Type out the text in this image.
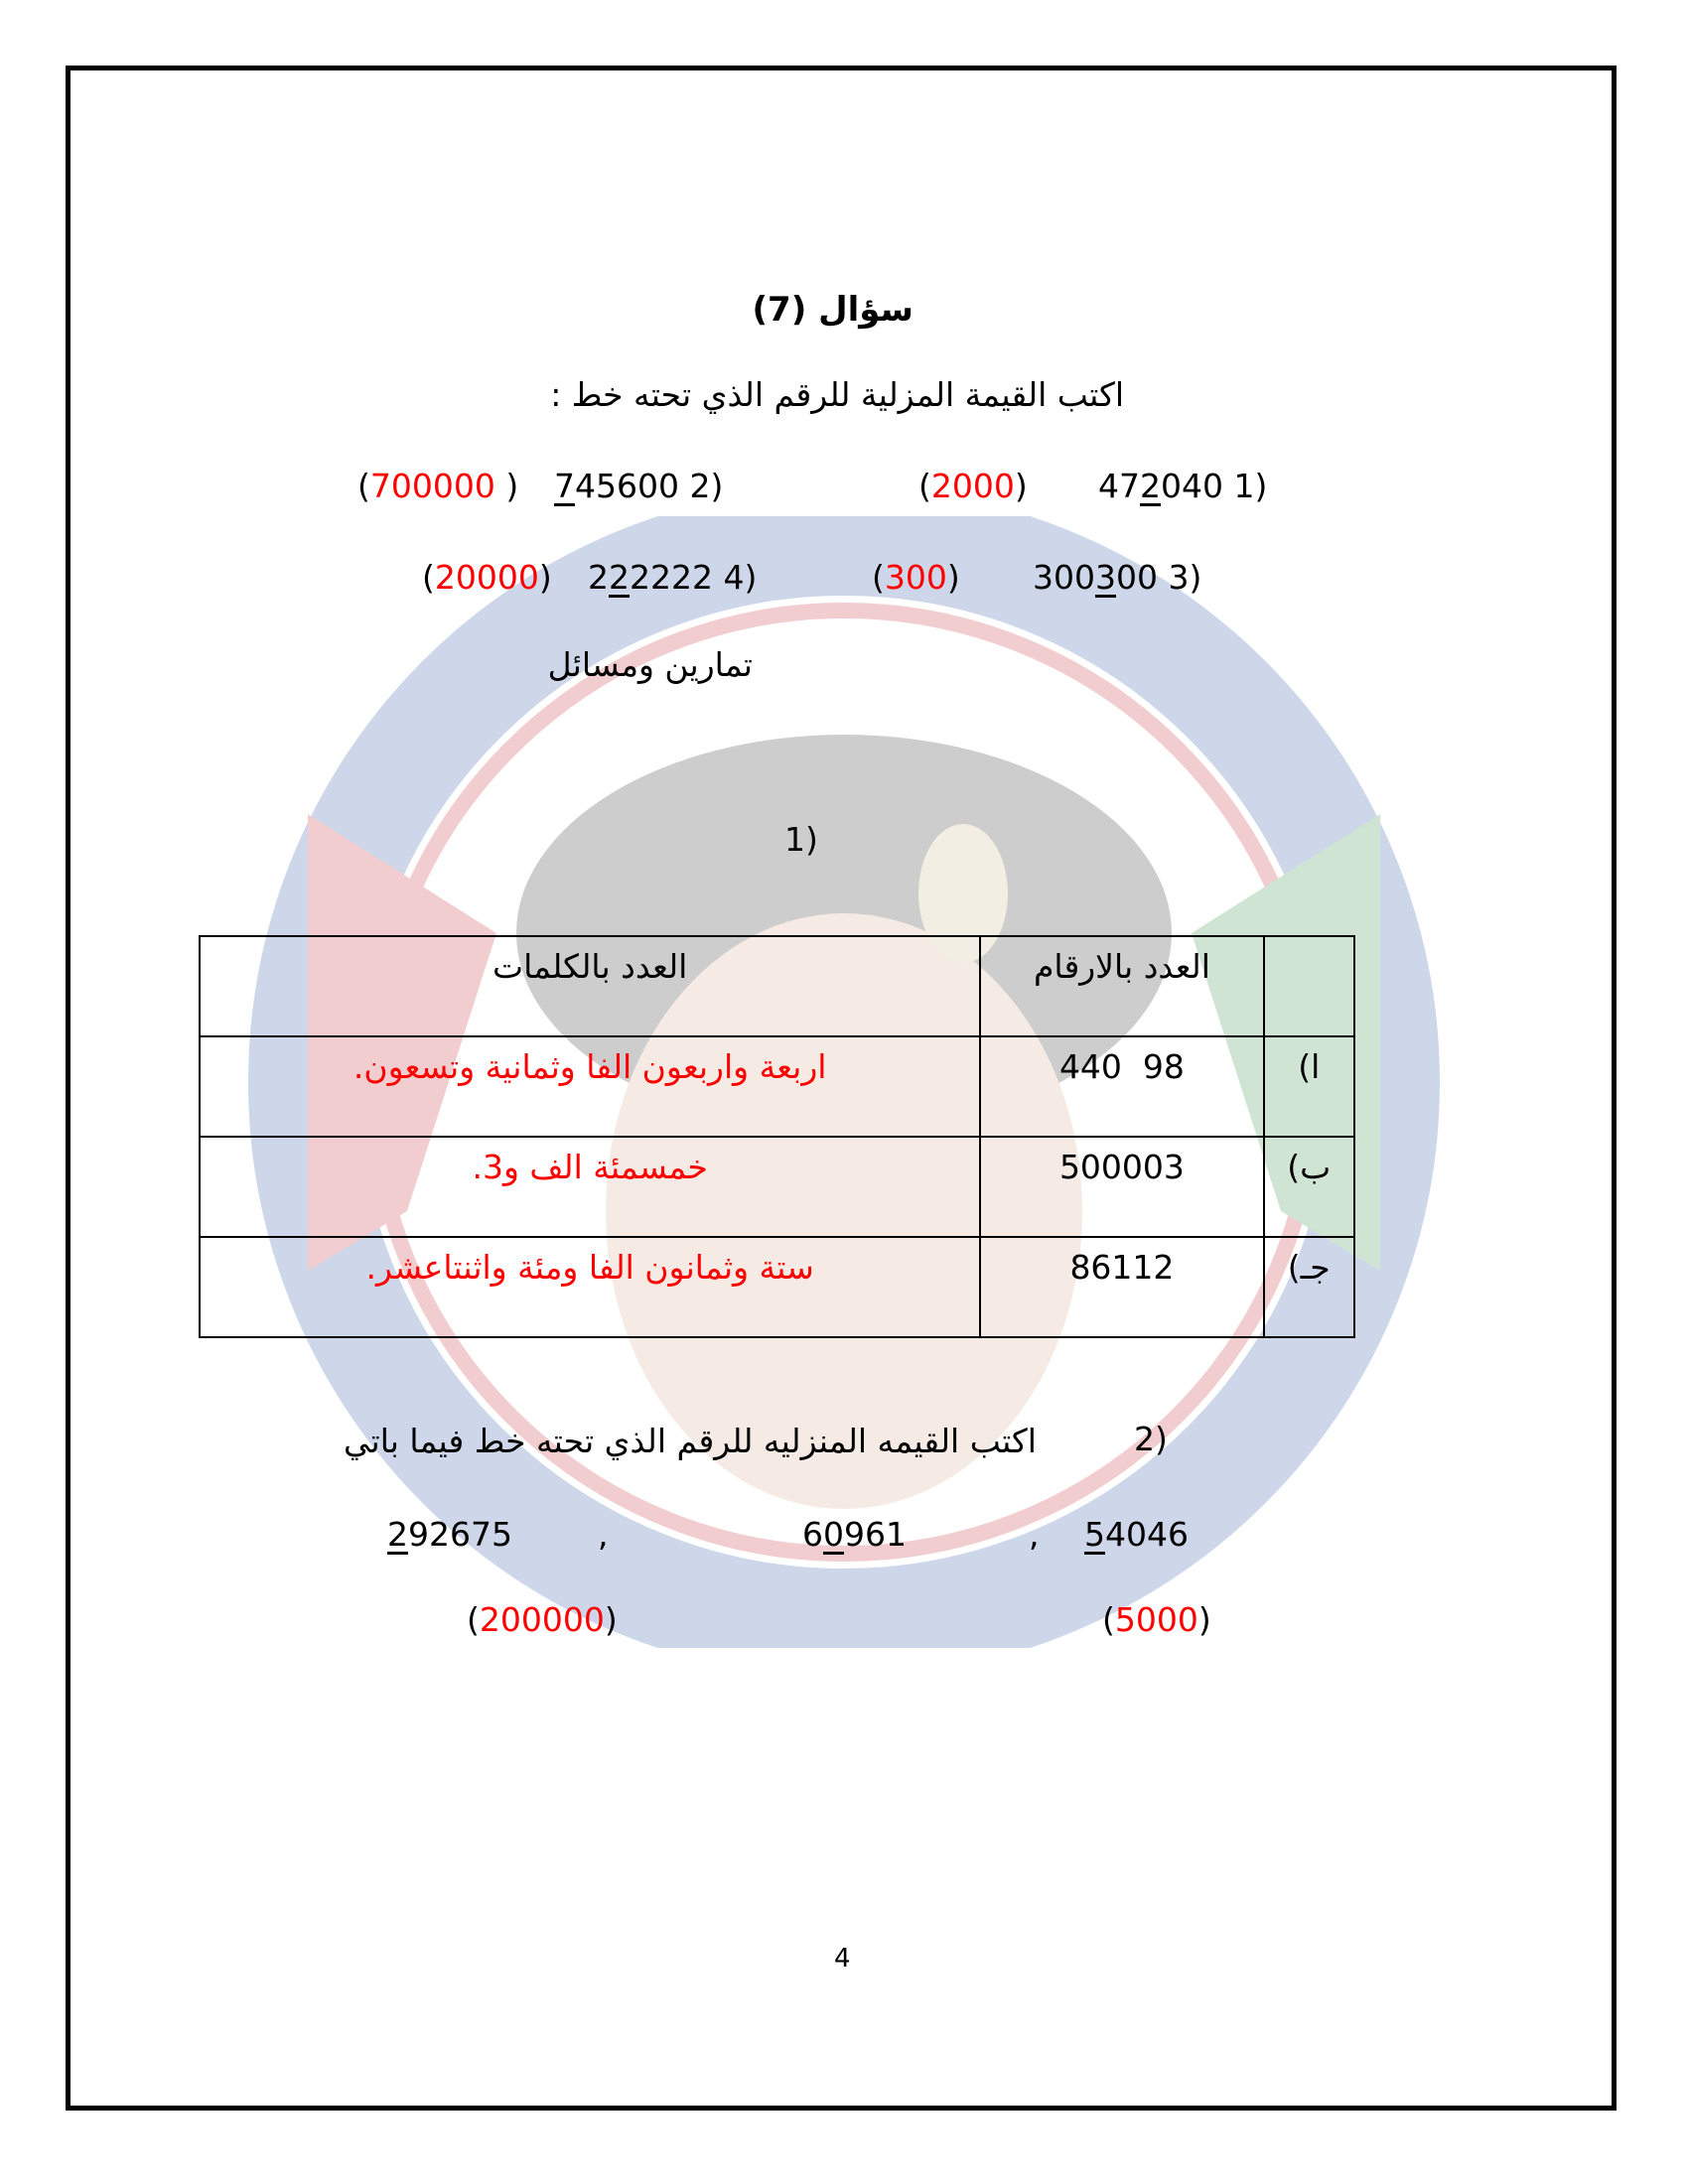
سؤال (7)
اكتب القيمة المزلية للرقم الذي تحته خط :
472040 1)
(2000)
745600 2)
(700000 )
300300 3)
(300)
222222 4)
(20000)
تمارين ومسائل
1)
العدد بالكلمات	العدد بالارقام	
اربعة واربعون الفا وثمانية وتسعون.	440  98	ا)
خمسمئة الف و3.	500003	ب)
ستة وثمانون الفا ومئة واثنتاعشر.	86112	جـ)
2)
اكتب القيمه المنزليه للرقم الذي تحته خط فيما باتي
54046
,
60961
,
292675
(5000)
(200000)
4
